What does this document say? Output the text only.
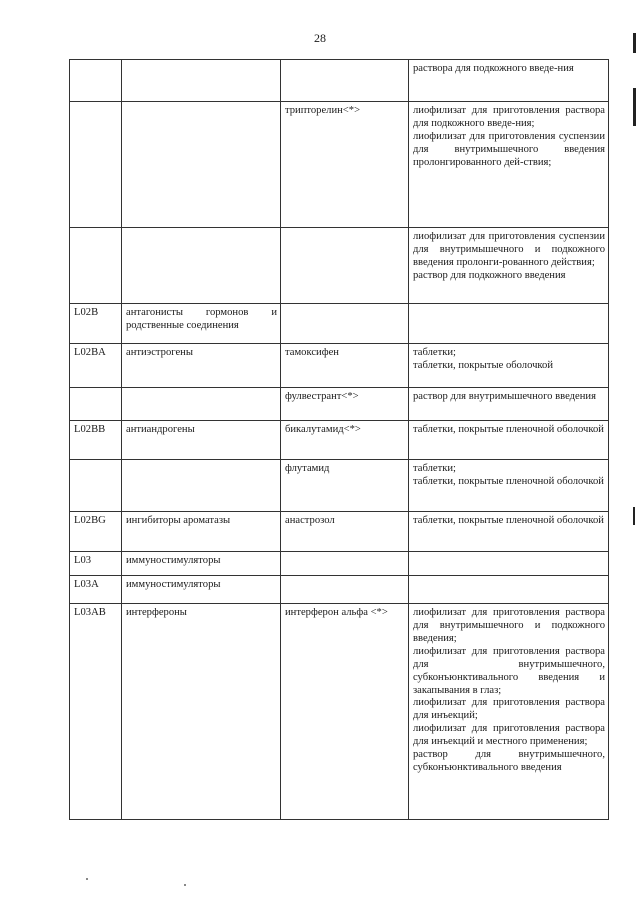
28

			раствора для подкожного введе-ния

		трипторелин<*>	лиофилизат для приготовления раствора для подкожного введе-ния;
лиофилизат для приготовления суспензии для внутримышечного введения пролонгированного дей-ствия;

			лиофилизат для приготовления суспензии для внутримышечного и подкожного введения пролонги-рованного действия;
раствор для подкожного введения

L02B	антагонисты гормонов и родственные соединения		
L02BA	антиэстрогены	тамоксифен	таблетки;
таблетки, покрытые оболочкой

		фулвестрант<*>	раствор для внутримышечного введения

L02BB	антиандрогены	бикалутамид<*>	таблетки, покрытые пленочной оболочкой

		флутамид	таблетки;
таблетки, покрытые пленочной оболочкой

L02BG	ингибиторы ароматазы	анастрозол	таблетки, покрытые пленочной оболочкой

L03	иммуностимуляторы		
L03A	иммуностимуляторы		
L03AB	интерфероны	интерферон альфа <*>	лиофилизат для приготовления раствора для внутримышечного и подкожного введения;
лиофилизат для приготовления раствора для внутримышечного, субконъюнктивального введения и закапывания в глаз;
лиофилизат для приготовления раствора для инъекций;
лиофилизат для приготовления раствора для инъекций и местного применения;
раствор для внутримышечного, субконъюнктивального введения
